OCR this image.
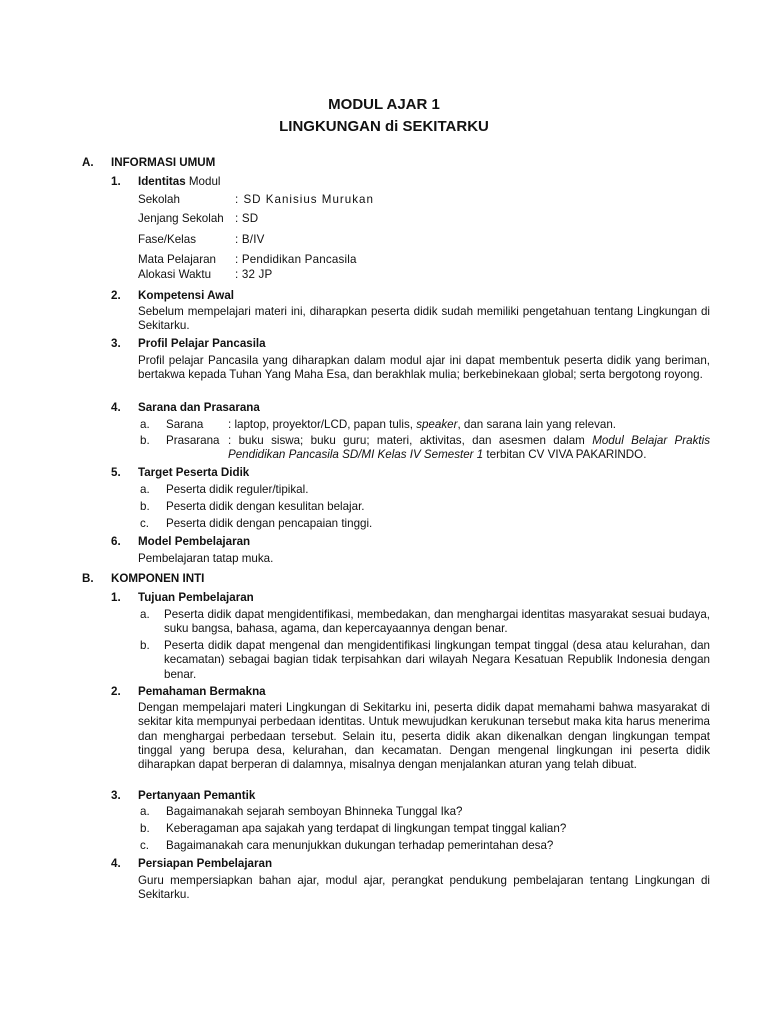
MODUL AJAR 1
LINGKUNGAN di SEKITARKU
A. INFORMASI UMUM
1. Identitas Modul
Sekolah	: SD Kanisius Murukan
Jenjang Sekolah : SD
Fase/Kelas	: B/IV
Mata Pelajaran : Pendidikan Pancasila
Alokasi Waktu : 32 JP
2. Kompetensi Awal
Sebelum mempelajari materi ini, diharapkan peserta didik sudah memiliki pengetahuan tentang Lingkungan di Sekitarku.
3. Profil Pelajar Pancasila
Profil pelajar Pancasila yang diharapkan dalam modul ajar ini dapat membentuk peserta didik yang beriman, bertakwa kepada Tuhan Yang Maha Esa, dan berakhlak mulia; berkebinekaan global; serta bergotong royong.
4. Sarana dan Prasarana
a. Sarana : laptop, proyektor/LCD, papan tulis, speaker, dan sarana lain yang relevan.
b. Prasarana : buku siswa; buku guru; materi, aktivitas, dan asesmen dalam Modul Belajar Praktis Pendidikan Pancasila SD/MI Kelas IV Semester 1 terbitan CV VIVA PAKARINDO.
5. Target Peserta Didik
a. Peserta didik reguler/tipikal.
b. Peserta didik dengan kesulitan belajar.
c. Peserta didik dengan pencapaian tinggi.
6. Model Pembelajaran
Pembelajaran tatap muka.
B. KOMPONEN INTI
1. Tujuan Pembelajaran
a. Peserta didik dapat mengidentifikasi, membedakan, dan menghargai identitas masyarakat sesuai budaya, suku bangsa, bahasa, agama, dan kepercayaannya dengan benar.
b. Peserta didik dapat mengenal dan mengidentifikasi lingkungan tempat tinggal (desa atau kelurahan, dan kecamatan) sebagai bagian tidak terpisahkan dari wilayah Negara Kesatuan Republik Indonesia dengan benar.
2. Pemahaman Bermakna
Dengan mempelajari materi Lingkungan di Sekitarku ini, peserta didik dapat memahami bahwa masyarakat di sekitar kita mempunyai perbedaan identitas. Untuk mewujudkan kerukunan tersebut maka kita harus menerima dan menghargai perbedaan tersebut. Selain itu, peserta didik akan dikenalkan dengan lingkungan tempat tinggal yang berupa desa, kelurahan, dan kecamatan. Dengan mengenal lingkungan ini peserta didik diharapkan dapat berperan di dalamnya, misalnya dengan menjalankan aturan yang telah dibuat.
3. Pertanyaan Pemantik
a. Bagaimanakah sejarah semboyan Bhinneka Tunggal Ika?
b. Keberagaman apa sajakah yang terdapat di lingkungan tempat tinggal kalian?
c. Bagaimanakah cara menunjukkan dukungan terhadap pemerintahan desa?
4. Persiapan Pembelajaran
Guru mempersiapkan bahan ajar, modul ajar, perangkat pendukung pembelajaran tentang Lingkungan di Sekitarku.
